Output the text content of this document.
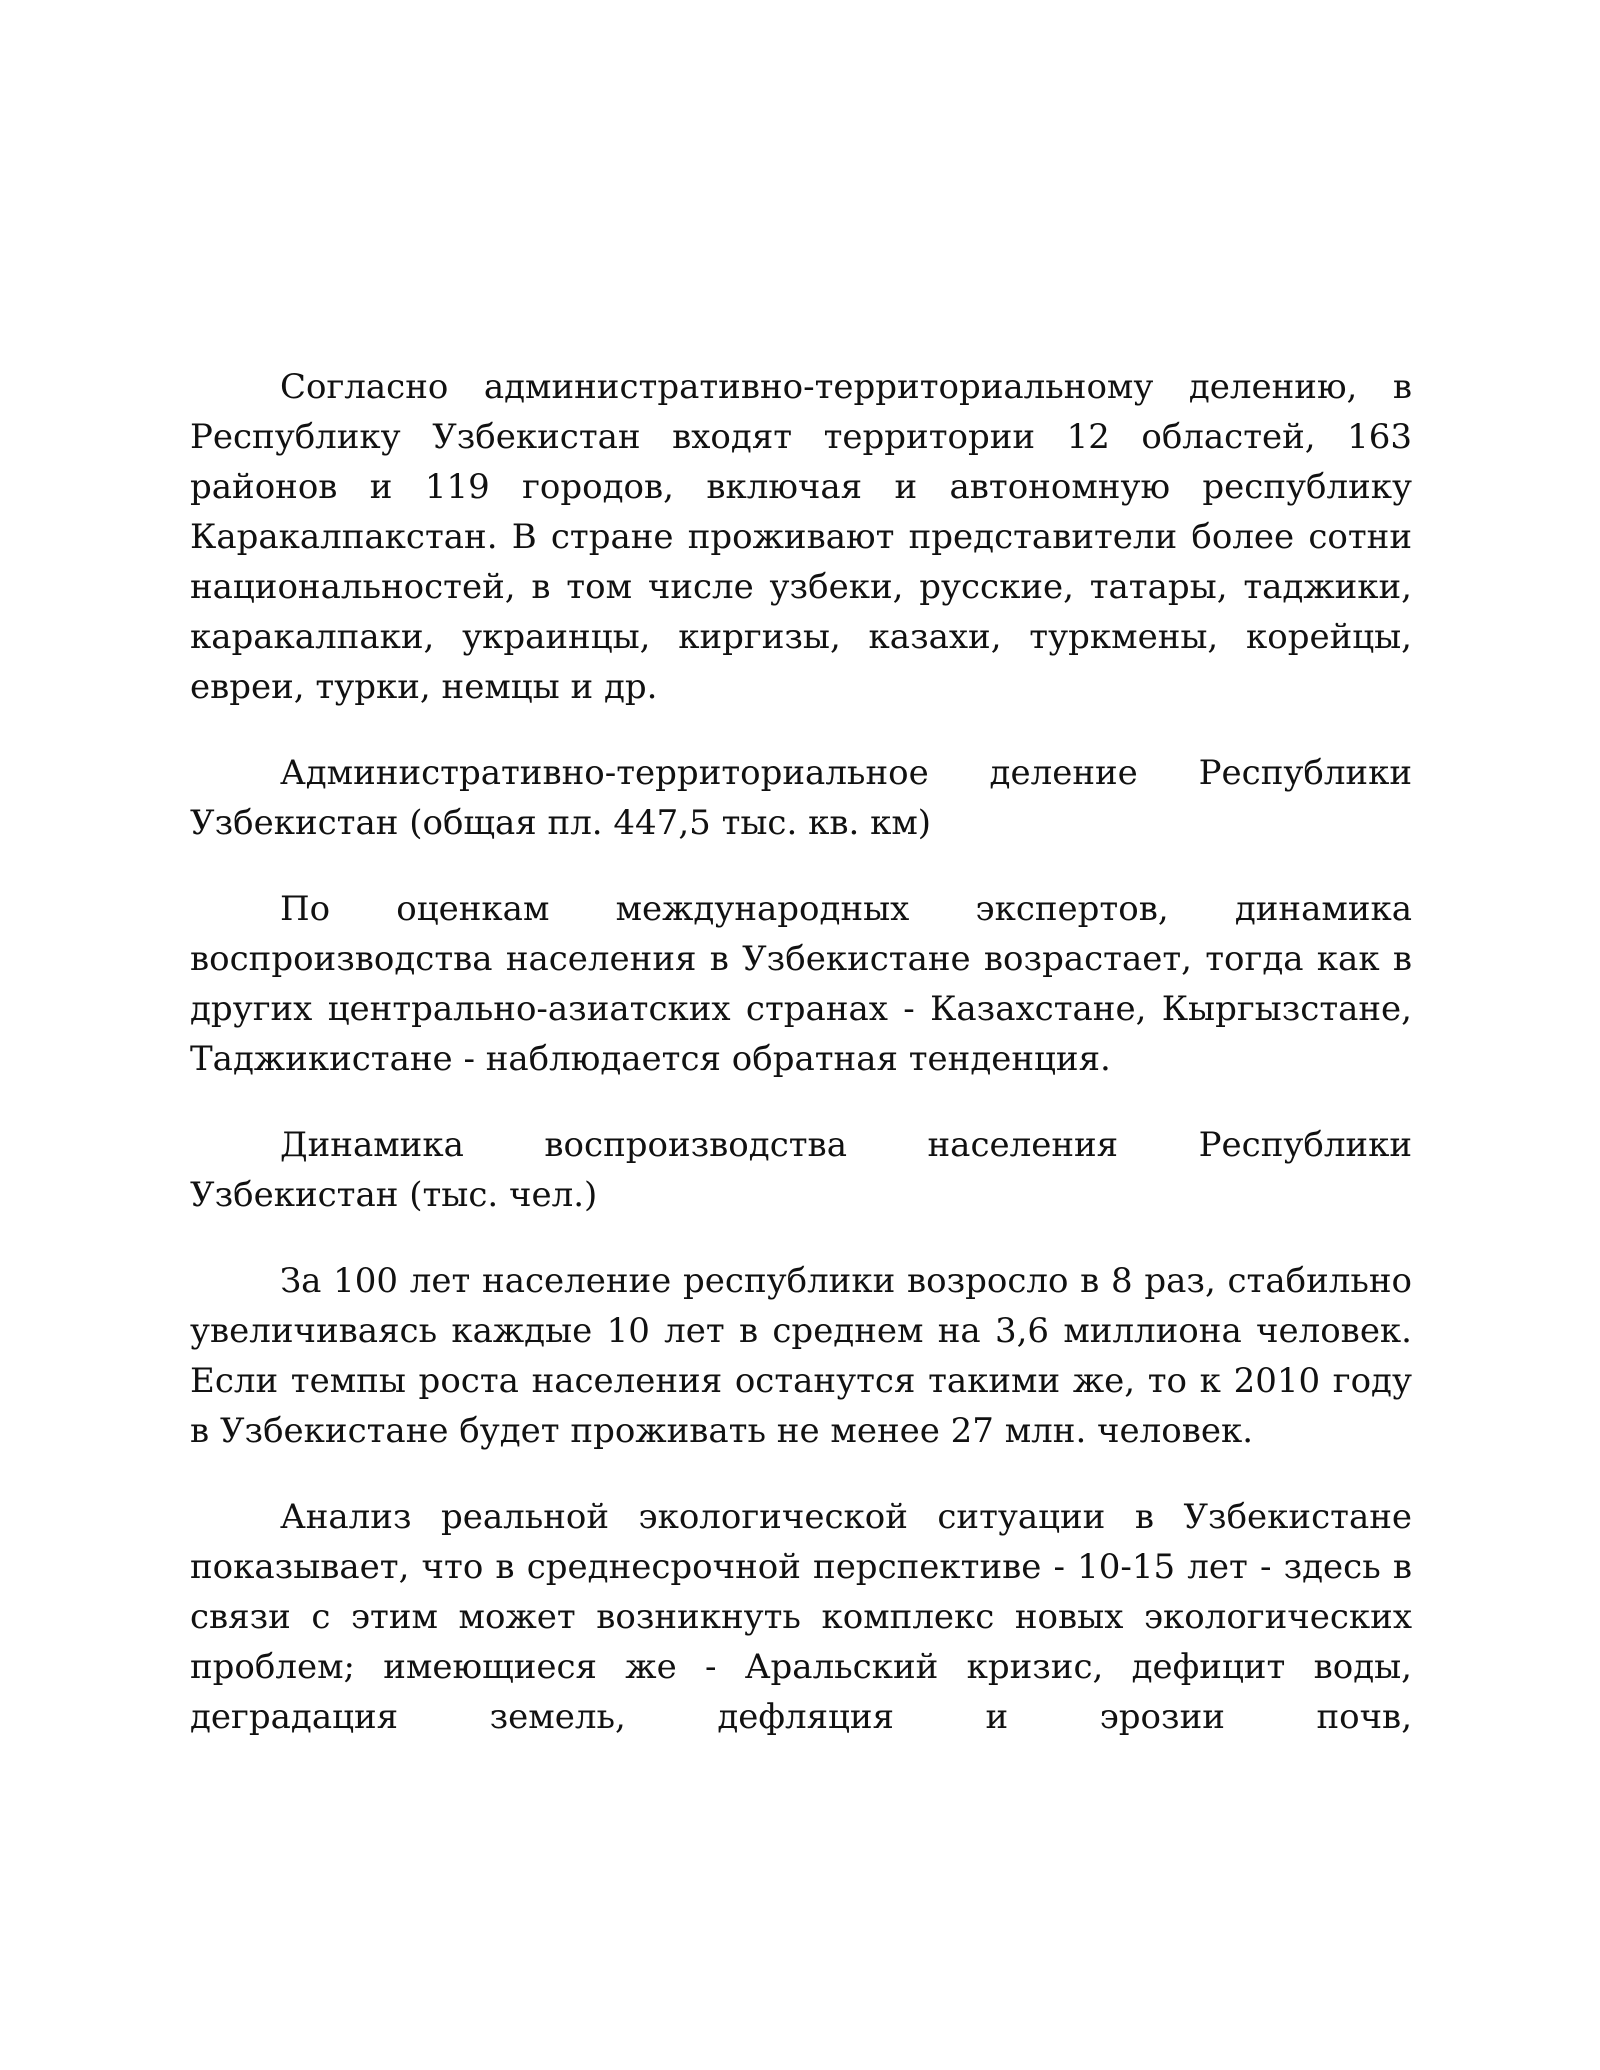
Согласно административно-территориальному делению, в Республику Узбекистан входят территории 12 областей, 163 районов и 119 городов, включая и автономную республику Каракалпакстан. В стране проживают представители более сотни национальностей, в том числе узбеки, русские, татары, таджики, каракалпаки, украинцы, киргизы, казахи, туркмены, корейцы, евреи, турки, немцы и др.

Административно-территориальное деление Республики Узбекистан (общая пл. 447,5 тыс. кв. км)

По оценкам международных экспертов, динамика воспроизводства населения в Узбекистане возрастает, тогда как в других центрально-азиатских странах - Казахстане, Кыргызстане, Таджикистане - наблюдается обратная тенденция.

Динамика воспроизводства населения Республики Узбекистан (тыс. чел.)

За 100 лет население республики возросло в 8 раз, стабильно увеличиваясь каждые 10 лет в среднем на 3,6 миллиона человек. Если темпы роста населения останутся такими же, то к 2010 году в Узбекистане будет проживать не менее 27 млн. человек.

Анализ реальной экологической ситуации в Узбекистане показывает, что в среднесрочной перспективе - 10-15 лет - здесь в связи с этим может возникнуть комплекс новых экологических проблем; имеющиеся же - Аральский кризис, дефицит воды, деградация земель, дефляция и эрозии почв,
